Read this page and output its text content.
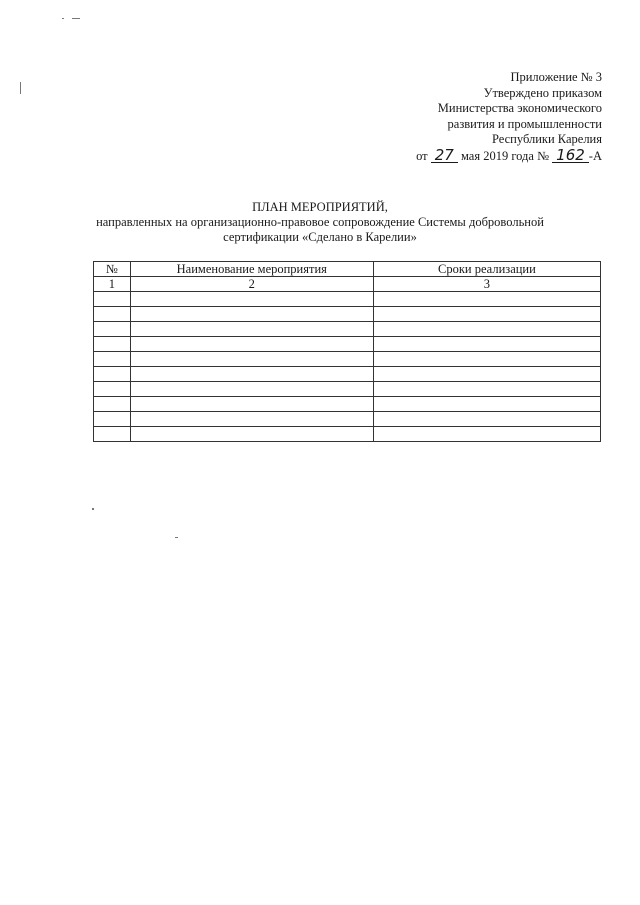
Приложение № 3
Утверждено приказом
Министерства экономического
развития и промышленности
Республики Карелия
от 27 мая 2019 года № 162 -А
ПЛАН МЕРОПРИЯТИЙ,
направленных на организационно-правовое сопровождение Системы добровольной сертификации «Сделано в Карелии»
№	Наименование мероприятия	Сроки реализации
1	2	3
